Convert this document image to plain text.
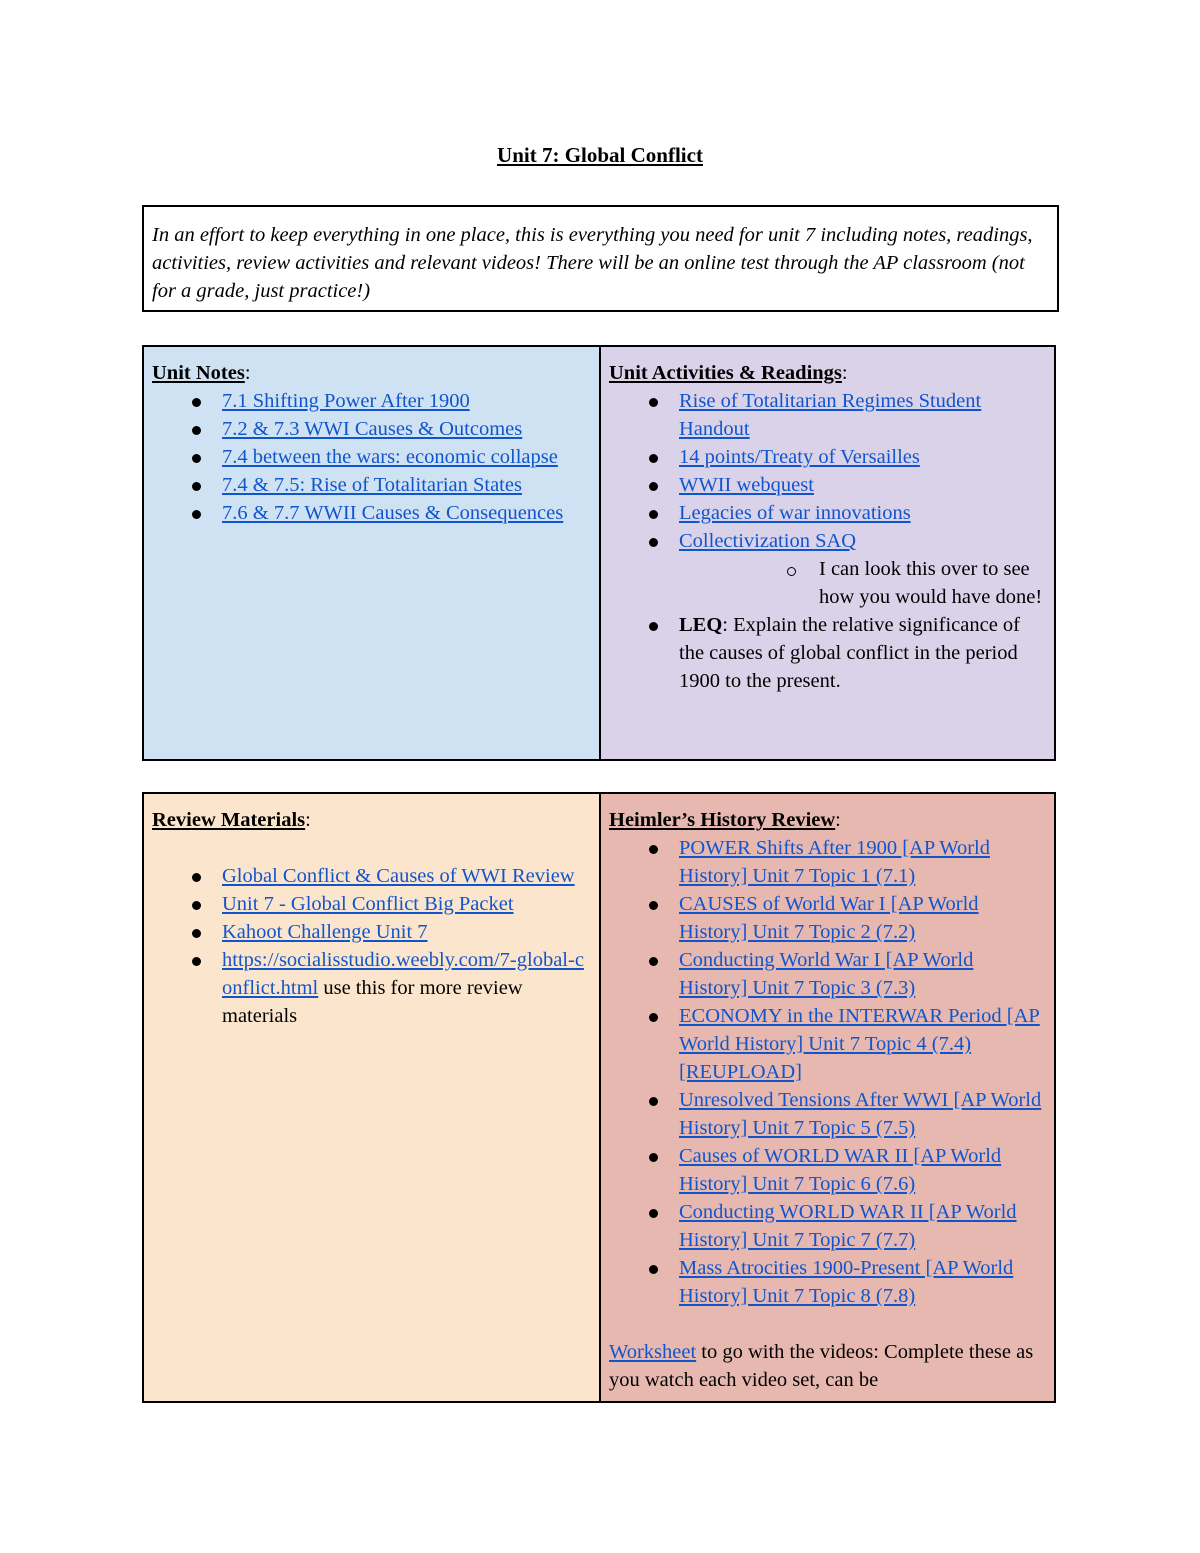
Unit 7: Global Conflict

In an effort to keep everything in one place, this is everything you need for unit 7 including notes, readings, activities, review activities and relevant videos! There will be an online test through the AP classroom (not for a grade, just practice!)

Unit Notes:

7.1 Shifting Power After 1900
7.2 & 7.3 WWI Causes & Outcomes
7.4 between the wars: economic collapse
7.4 & 7.5: Rise of Totalitarian States
7.6 & 7.7 WWII Causes & Consequences

Unit Activities & Readings:

Rise of Totalitarian Regimes Student Handout
14 points/Treaty of Versailles
WWII webquest
Legacies of war innovations
Collectivization SAQ
I can look this over to see how you would have done!
LEQ: Explain the relative significance of the causes of global conflict in the period 1900 to the present.

Review Materials:

Global Conflict & Causes of WWI Review
Unit 7 - Global Conflict Big Packet
Kahoot Challenge Unit 7
https://socialisstudio.weebly.com/7-global-conflict.html use this for more review materials

Heimler’s History Review:

POWER Shifts After 1900 [AP World History] Unit 7 Topic 1 (7.1)
CAUSES of World War I [AP World History] Unit 7 Topic 2 (7.2)
Conducting World War I [AP World History] Unit 7 Topic 3 (7.3)
ECONOMY in the INTERWAR Period [AP World History] Unit 7 Topic 4 (7.4) [REUPLOAD]
Unresolved Tensions After WWI [AP World History] Unit 7 Topic 5 (7.5)
Causes of WORLD WAR II [AP World History] Unit 7 Topic 6 (7.6)
Conducting WORLD WAR II [AP World History] Unit 7 Topic 7 (7.7)
Mass Atrocities 1900-Present [AP World History] Unit 7 Topic 8 (7.8)

Worksheet to go with the videos: Complete these as you watch each video set, can be
